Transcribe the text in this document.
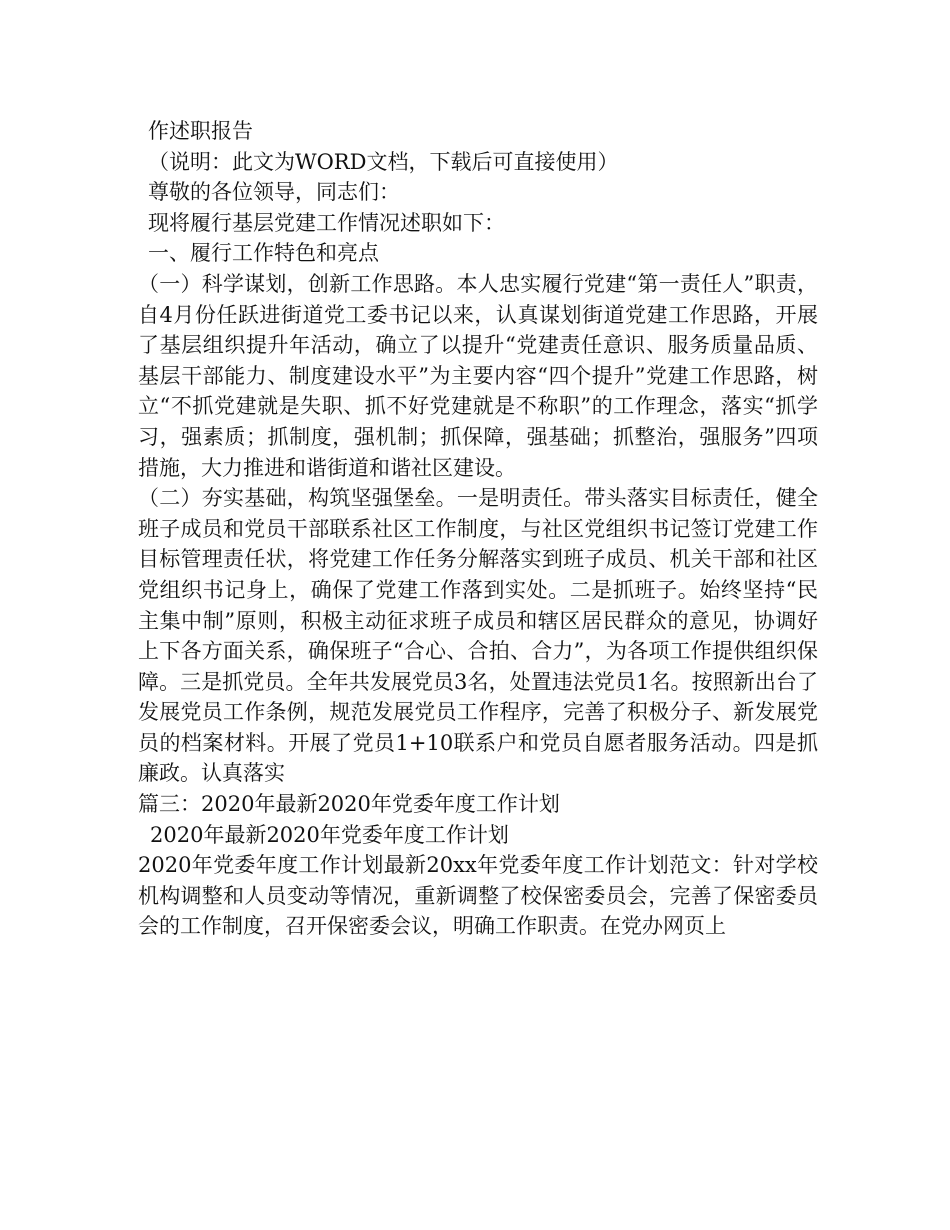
作述职报告
（说明：此文为WORD文档，下载后可直接使用）
尊敬的各位领导，同志们：
现将履行基层党建工作情况述职如下：
一、履行工作特色和亮点
（一）科学谋划，创新工作思路。本人忠实履行党建“第一责任人”职责，自4月份任跃进街道党工委书记以来，认真谋划街道党建工作思路，开展了基层组织提升年活动，确立了以提升“党建责任意识、服务质量品质、基层干部能力、制度建设水平”为主要内容“四个提升”党建工作思路，树立“不抓党建就是失职、抓不好党建就是不称职”的工作理念，落实“抓学习，强素质；抓制度，强机制；抓保障，强基础；抓整治，强服务”四项措施，大力推进和谐街道和谐社区建设。
（二）夯实基础，构筑坚强堡垒。一是明责任。带头落实目标责任，健全班子成员和党员干部联系社区工作制度，与社区党组织书记签订党建工作目标管理责任状，将党建工作任务分解落实到班子成员、机关干部和社区党组织书记身上，确保了党建工作落到实处。二是抓班子。始终坚持“民主集中制”原则，积极主动征求班子成员和辖区居民群众的意见，协调好上下各方面关系，确保班子“合心、合拍、合力”，为各项工作提供组织保障。三是抓党员。全年共发展党员3名，处置违法党员1名。按照新出台了发展党员工作条例，规范发展党员工作程序，完善了积极分子、新发展党员的档案材料。开展了党员1+10联系户和党员自愿者服务活动。四是抓廉政。认真落实
篇三：2020年最新2020年党委年度工作计划
2020年最新2020年党委年度工作计划
2020年党委年度工作计划最新20xx年党委年度工作计划范文：针对学校机构调整和人员变动等情况，重新调整了校保密委员会，完善了保密委员会的工作制度，召开保密委会议，明确工作职责。在党办网页上
